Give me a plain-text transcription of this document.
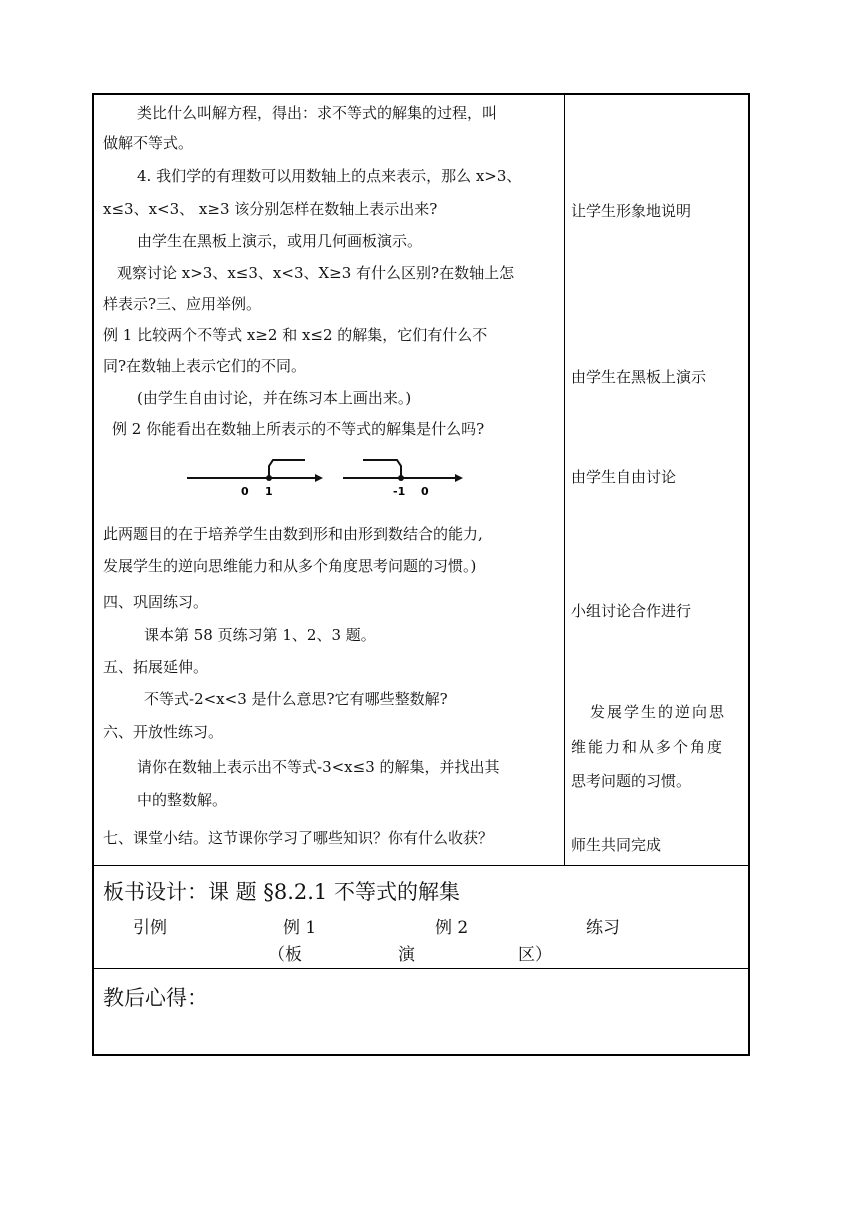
类比什么叫解方程，得出：求不等式的解集的过程，叫
做解不等式。
4. 我们学的有理数可以用数轴上的点来表示，那么 x>3、
x≤3、x<3、 x≥3 该分别怎样在数轴上表示出来?
由学生在黑板上演示，或用几何画板演示。
观察讨论 x>3、x≤3、x<3、X≥3 有什么区别?在数轴上怎
样表示?三、应用举例。
例 1 比较两个不等式 x≥2 和 x≤2 的解集，它们有什么不
同?在数轴上表示它们的不同。
(由学生自由讨论，并在练习本上画出来。)
例 2 你能看出在数轴上所表示的不等式的解集是什么吗?
0 1	-1 0
此两题目的在于培养学生由数到形和由形到数结合的能力,
发展学生的逆向思维能力和从多个角度思考问题的习惯。)
四、巩固练习。
课本第 58 页练习第 1、2、3 题。
五、拓展延伸。
不等式-2<x<3 是什么意思?它有哪些整数解?
六、开放性练习。
请你在数轴上表示出不等式-3<x≤3 的解集，并找出其
中的整数解。
七、课堂小结。这节课你学习了哪些知识？你有什么收获？
让学生形象地说明
由学生在黑板上演示
由学生自由讨论
小组讨论合作进行
发展学生的逆向思
维能力和从多个角度
思考问题的习惯。
师生共同完成
板书设计：课 题 §8.2.1 不等式的解集
引例	例 1	例 2	练习
（板	演	区）
教后心得：
